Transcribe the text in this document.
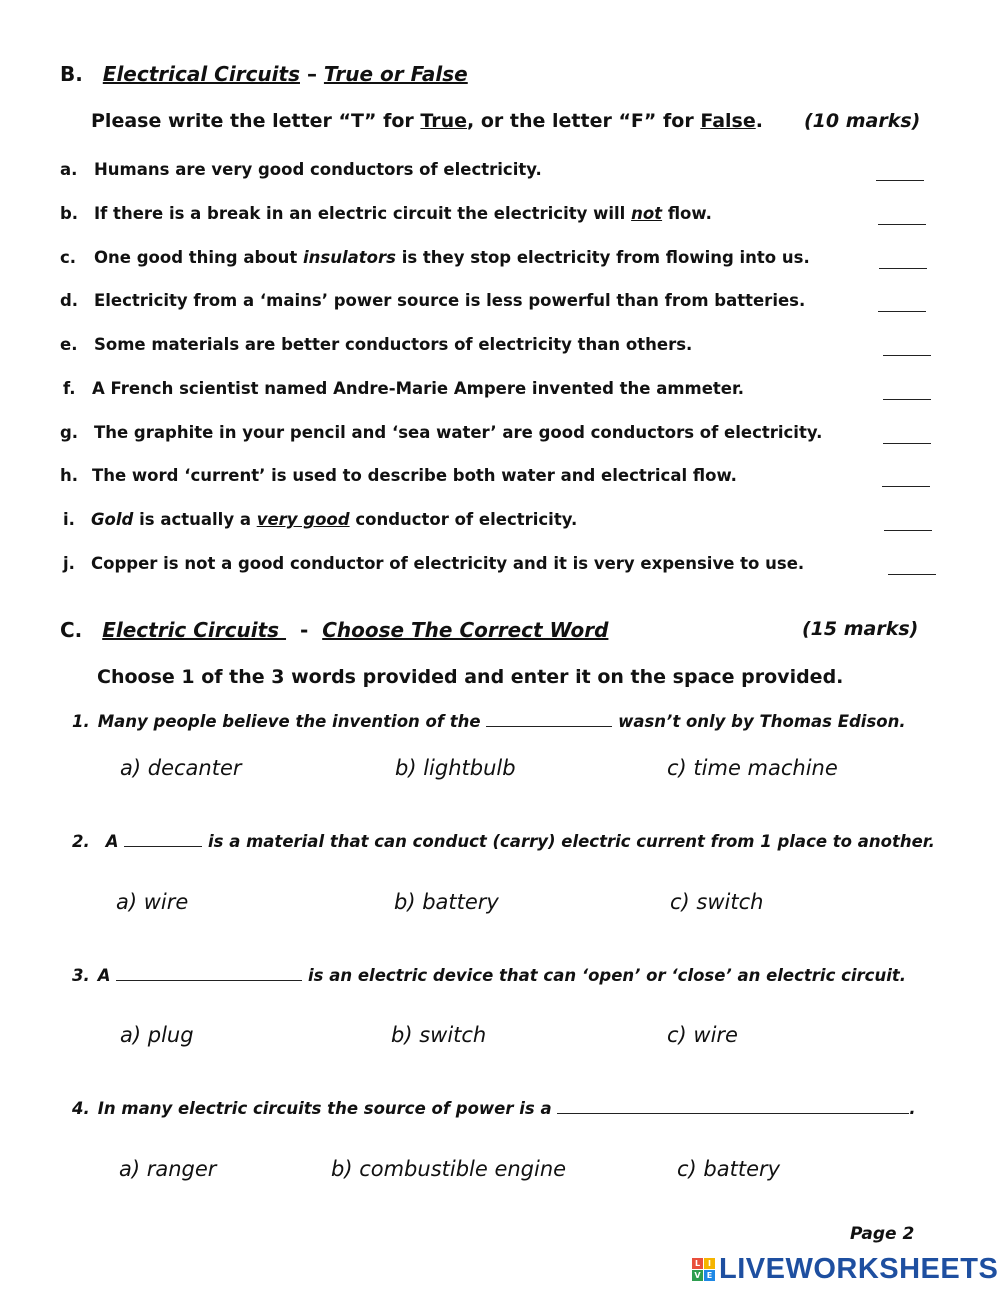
B. Electrical Circuits – True or False
Please write the letter “T” for True, or the letter “F” for False. (10 marks)
a. Humans are very good conductors of electricity.
b. If there is a break in an electric circuit the electricity will not flow.
c. One good thing about insulators is they stop electricity from flowing into us.
d. Electricity from a ‘mains’ power source is less powerful than from batteries.
e. Some materials are better conductors of electricity than others.
f. A French scientist named Andre-Marie Ampere invented the ammeter.
g. The graphite in your pencil and ‘sea water’ are good conductors of electricity.
h. The word ‘current’ is used to describe both water and electrical flow.
i. Gold is actually a very good conductor of electricity.
j. Copper is not a good conductor of electricity and it is very expensive to use.
C. Electric Circuits   -  Choose The Correct Word	(15 marks)
Choose 1 of the 3 words provided and enter it on the space provided.
1. Many people believe the invention of the	wasn’t only by Thomas Edison.
a) decanter	b) lightbulb	c) time machine
2. A	is a material that can conduct (carry) electric current from 1 place to another.
a) wire	b) battery	c) switch
3. A	is an electric device that can ‘open’ or ‘close’ an electric circuit.
a) plug	b) switch	c) wire
4. In many electric circuits the source of power is a	.
a) ranger	b) combustible engine	c) battery
Page 2
L I
V E LIVEWORKSHEETS
